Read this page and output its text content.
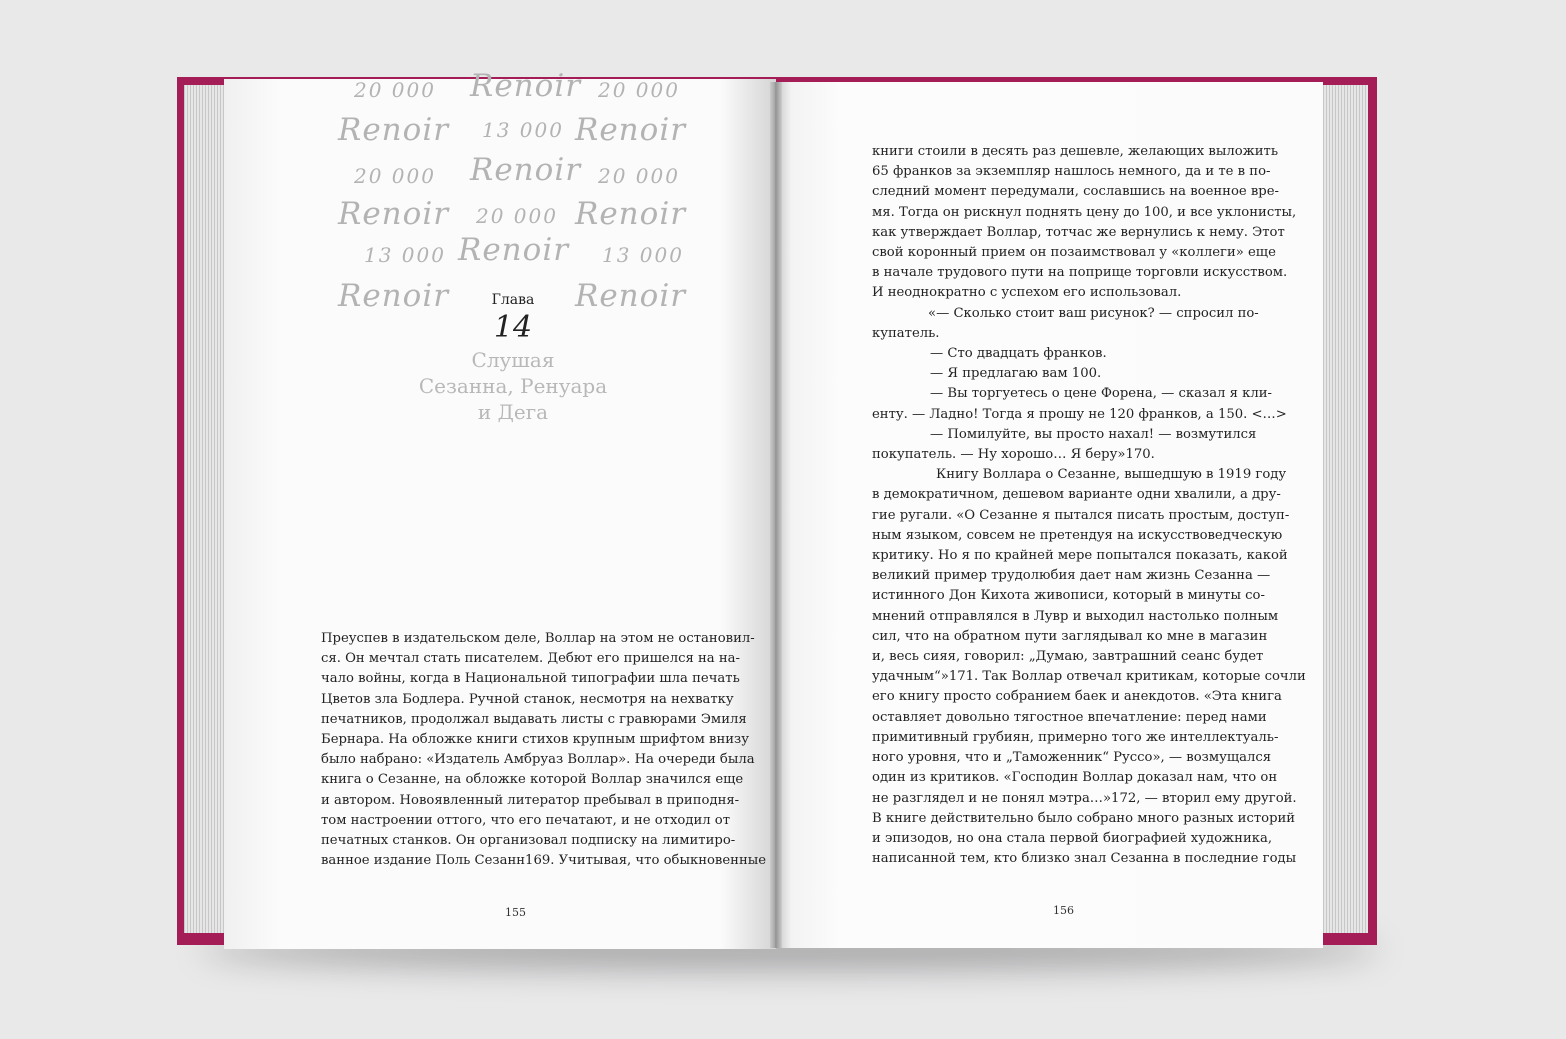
20 000 Renoir 20 000
Renoir 13 000 Renoir
20 000 Renoir 20 000
Renoir 20 000 Renoir
13 000 Renoir 13 000
Renoir	Renoir
Глава
14
Слушая
Сезанна, Ренуара
и Дега
Преуспев в издательском деле, Воллар на этом не остановил-
ся. Он мечтал стать писателем. Дебют его пришелся на на-
чало войны, когда в Национальной типографии шла печать
Цветов зла Бодлера. Ручной станок, несмотря на нехватку
печатников, продолжал выдавать листы с гравюрами Эмиля
Бернара. На обложке книги стихов крупным шрифтом внизу
было набрано: «Издатель Амбруаз Воллар». На очереди была
книга о Сезанне, на обложке которой Воллар значился еще
и автором. Новоявленный литератор пребывал в приподня-
том настроении оттого, что его печатают, и не отходил от
печатных станков. Он организовал подписку на лимитиро-
ванное издание Поль Сезанн169. Учитывая, что обыкновенные
155
книги стоили в десять раз дешевле, желающих выложить
65 франков за экземпляр нашлось немного, да и те в по-
следний момент передумали, сославшись на военное вре-
мя. Тогда он рискнул поднять цену до 100, и все уклонисты,
как утверждает Воллар, тотчас же вернулись к нему. Этот
свой коронный прием он позаимствовал у «коллеги» еще
в начале трудового пути на поприще торговли искусством.
И неоднократно с успехом его использовал.
«— Сколько стоит ваш рисунок? — спросил по-
купатель.
— Сто двадцать франков.
— Я предлагаю вам 100.
— Вы торгуетесь о цене Форена, — сказал я кли-
енту. — Ладно! Тогда я прошу не 120 франков, а 150. <…>
— Помилуйте, вы просто нахал! — возмутился
покупатель. — Ну хорошо… Я беру»170.
Книгу Воллара о Сезанне, вышедшую в 1919 году
в демократичном, дешевом варианте одни хвалили, а дру-
гие ругали. «О Сезанне я пытался писать простым, доступ-
ным языком, совсем не претендуя на искусствоведческую
критику. Но я по крайней мере попытался показать, какой
великий пример трудолюбия дает нам жизнь Сезанна —
истинного Дон Кихота живописи, который в минуты со-
мнений отправлялся в Лувр и выходил настолько полным
сил, что на обратном пути заглядывал ко мне в магазин
и, весь сияя, говорил: „Думаю, завтрашний сеанс будет
удачным“»171. Так Воллар отвечал критикам, которые сочли
его книгу просто собранием баек и анекдотов. «Эта книга
оставляет довольно тягостное впечатление: перед нами
примитивный грубиян, примерно того же интеллектуаль-
ного уровня, что и „Таможенник“ Руссо», — возмущался
один из критиков. «Господин Воллар доказал нам, что он
не разглядел и не понял мэтра…»172, — вторил ему другой.
В книге действительно было собрано много разных историй
и эпизодов, но она стала первой биографией художника,
написанной тем, кто близко знал Сезанна в последние годы
156
